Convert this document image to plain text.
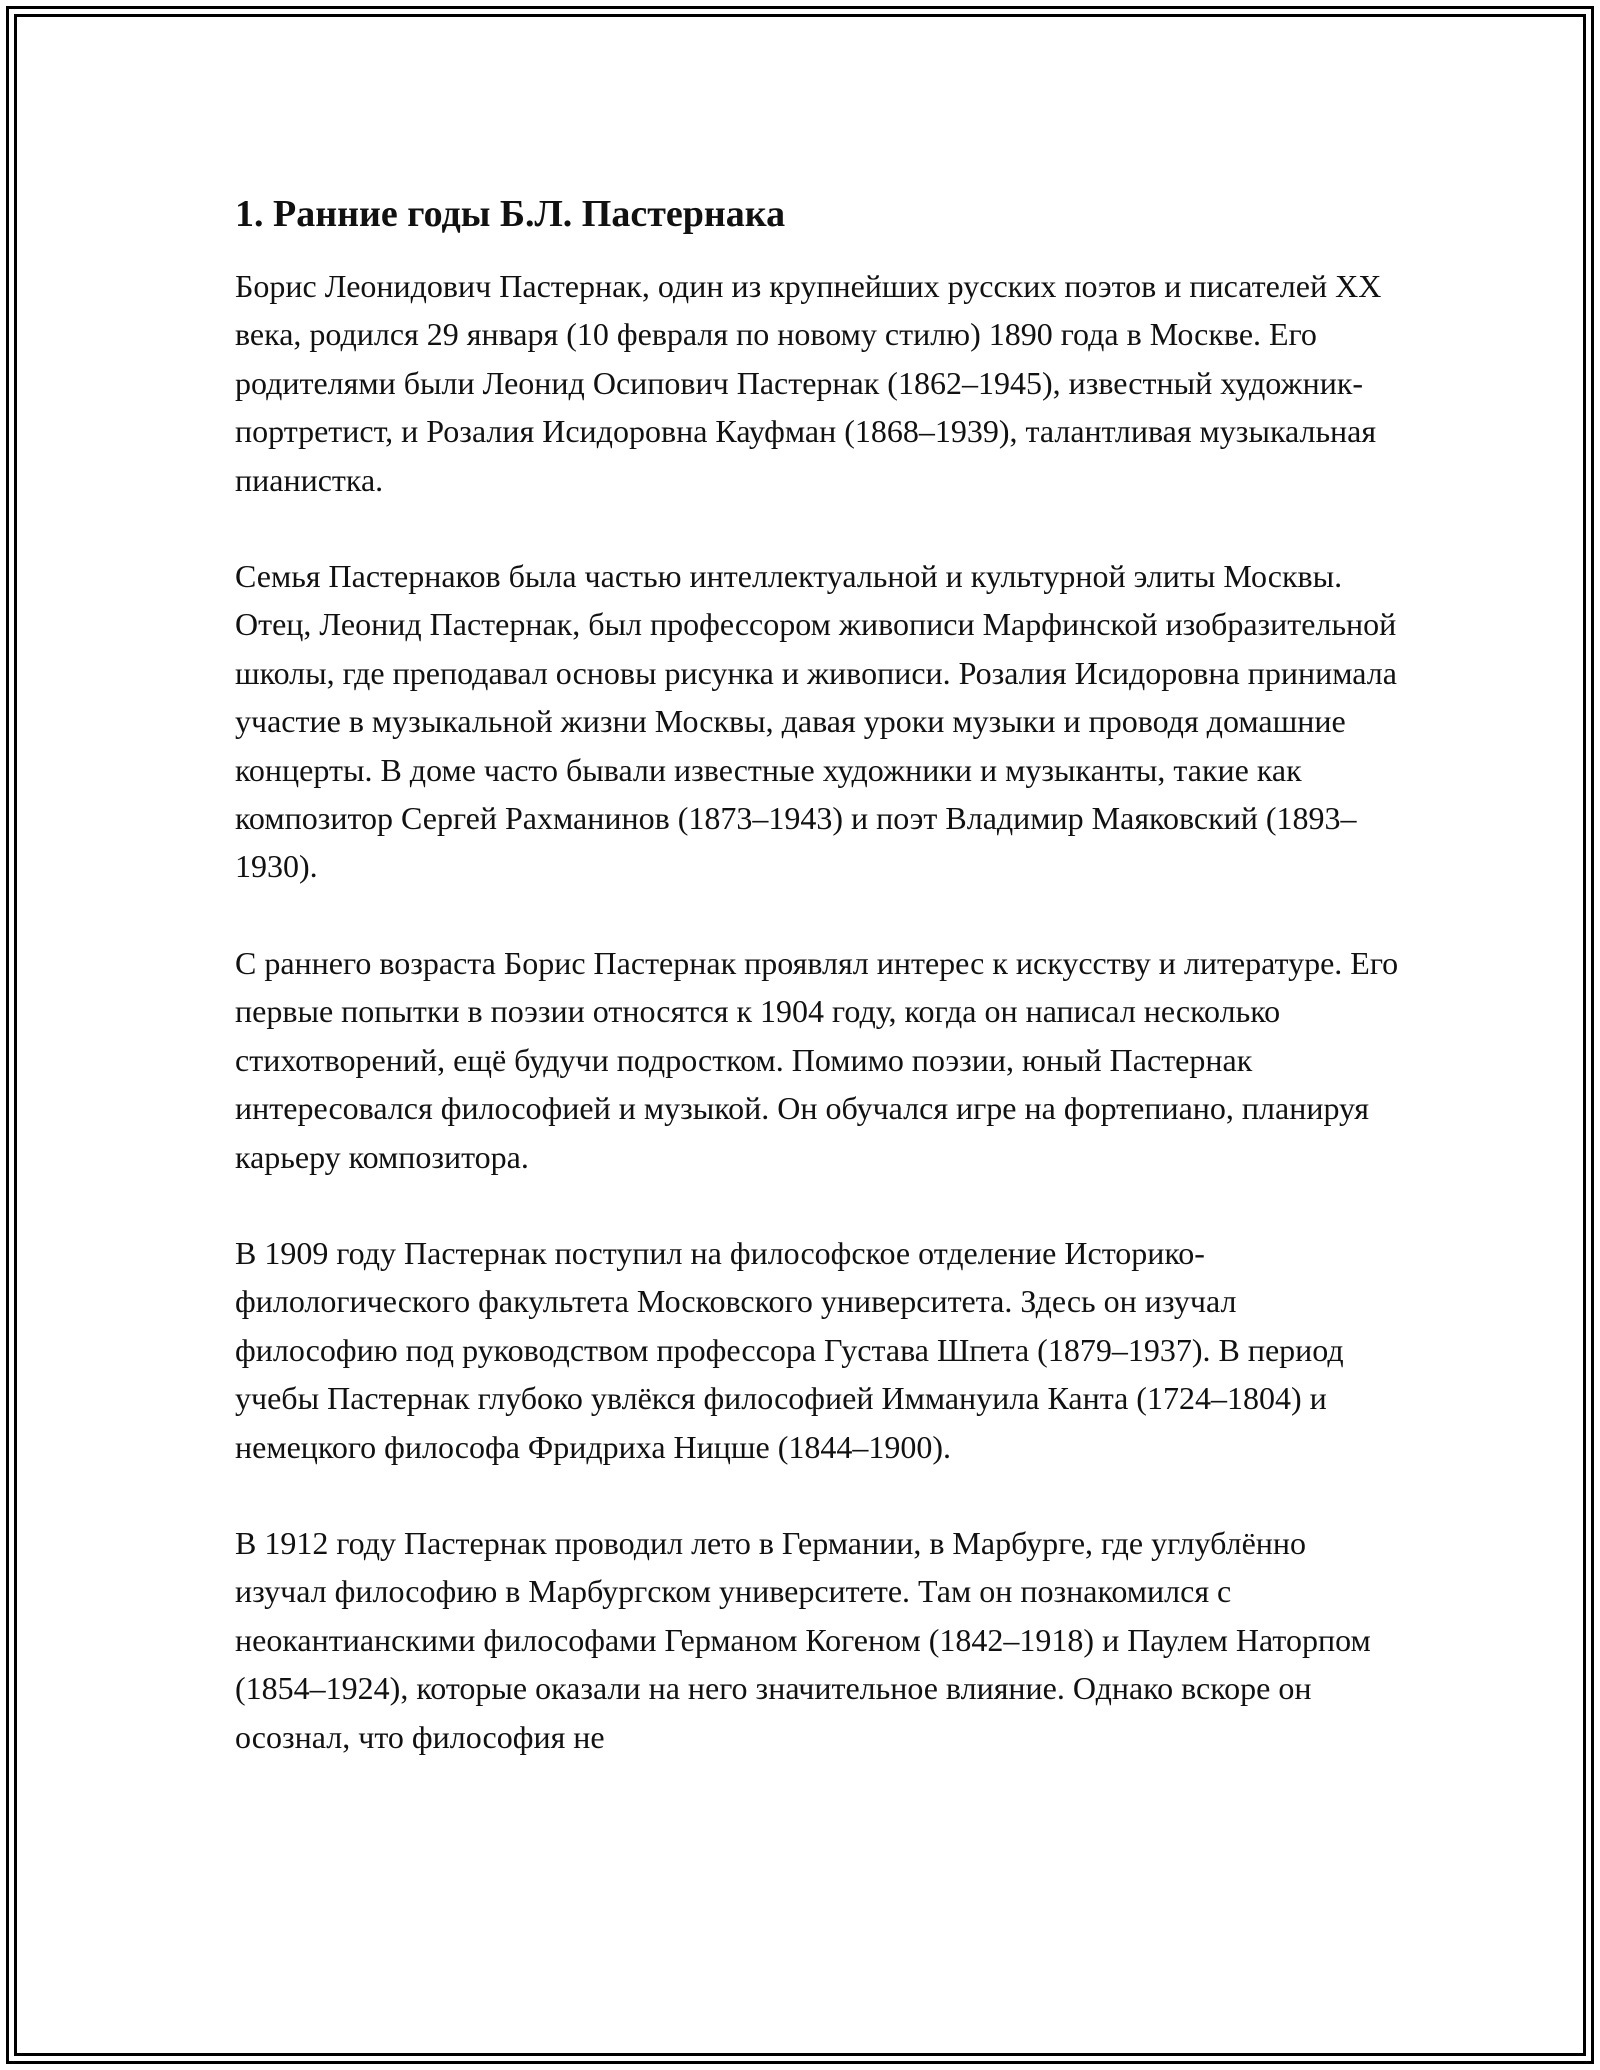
1. Ранние годы Б.Л. Пастернака

Борис Леонидович Пастернак, один из крупнейших русских поэтов и писателей XX века, родился 29 января (10 февраля по новому стилю) 1890 года в Москве. Его родителями были Леонид Осипович Пастернак (1862–1945), известный художник-портретист, и Розалия Исидоровна Кауфман (1868–1939), талантливая музыкальная пианистка.

Семья Пастернаков была частью интеллектуальной и культурной элиты Москвы. Отец, Леонид Пастернак, был профессором живописи Марфинской изобразительной школы, где преподавал основы рисунка и живописи. Розалия Исидоровна принимала участие в музыкальной жизни Москвы, давая уроки музыки и проводя домашние концерты. В доме часто бывали известные художники и музыканты, такие как композитор Сергей Рахманинов (1873–1943) и поэт Владимир Маяковский (1893–1930).

С раннего возраста Борис Пастернак проявлял интерес к искусству и литературе. Его первые попытки в поэзии относятся к 1904 году, когда он написал несколько стихотворений, ещё будучи подростком. Помимо поэзии, юный Пастернак интересовался философией и музыкой. Он обучался игре на фортепиано, планируя карьеру композитора.

В 1909 году Пастернак поступил на философское отделение Историко-филологического факультета Московского университета. Здесь он изучал философию под руководством профессора Густава Шпета (1879–1937). В период учебы Пастернак глубоко увлёкся философией Иммануила Канта (1724–1804) и немецкого философа Фридриха Ницше (1844–1900).

В 1912 году Пастернак проводил лето в Германии, в Марбурге, где углублённо изучал философию в Марбургском университете. Там он познакомился с неокантианскими философами Германом Когеном (1842–1918) и Паулем Наторпом (1854–1924), которые оказали на него значительное влияние. Однако вскоре он осознал, что философия не
